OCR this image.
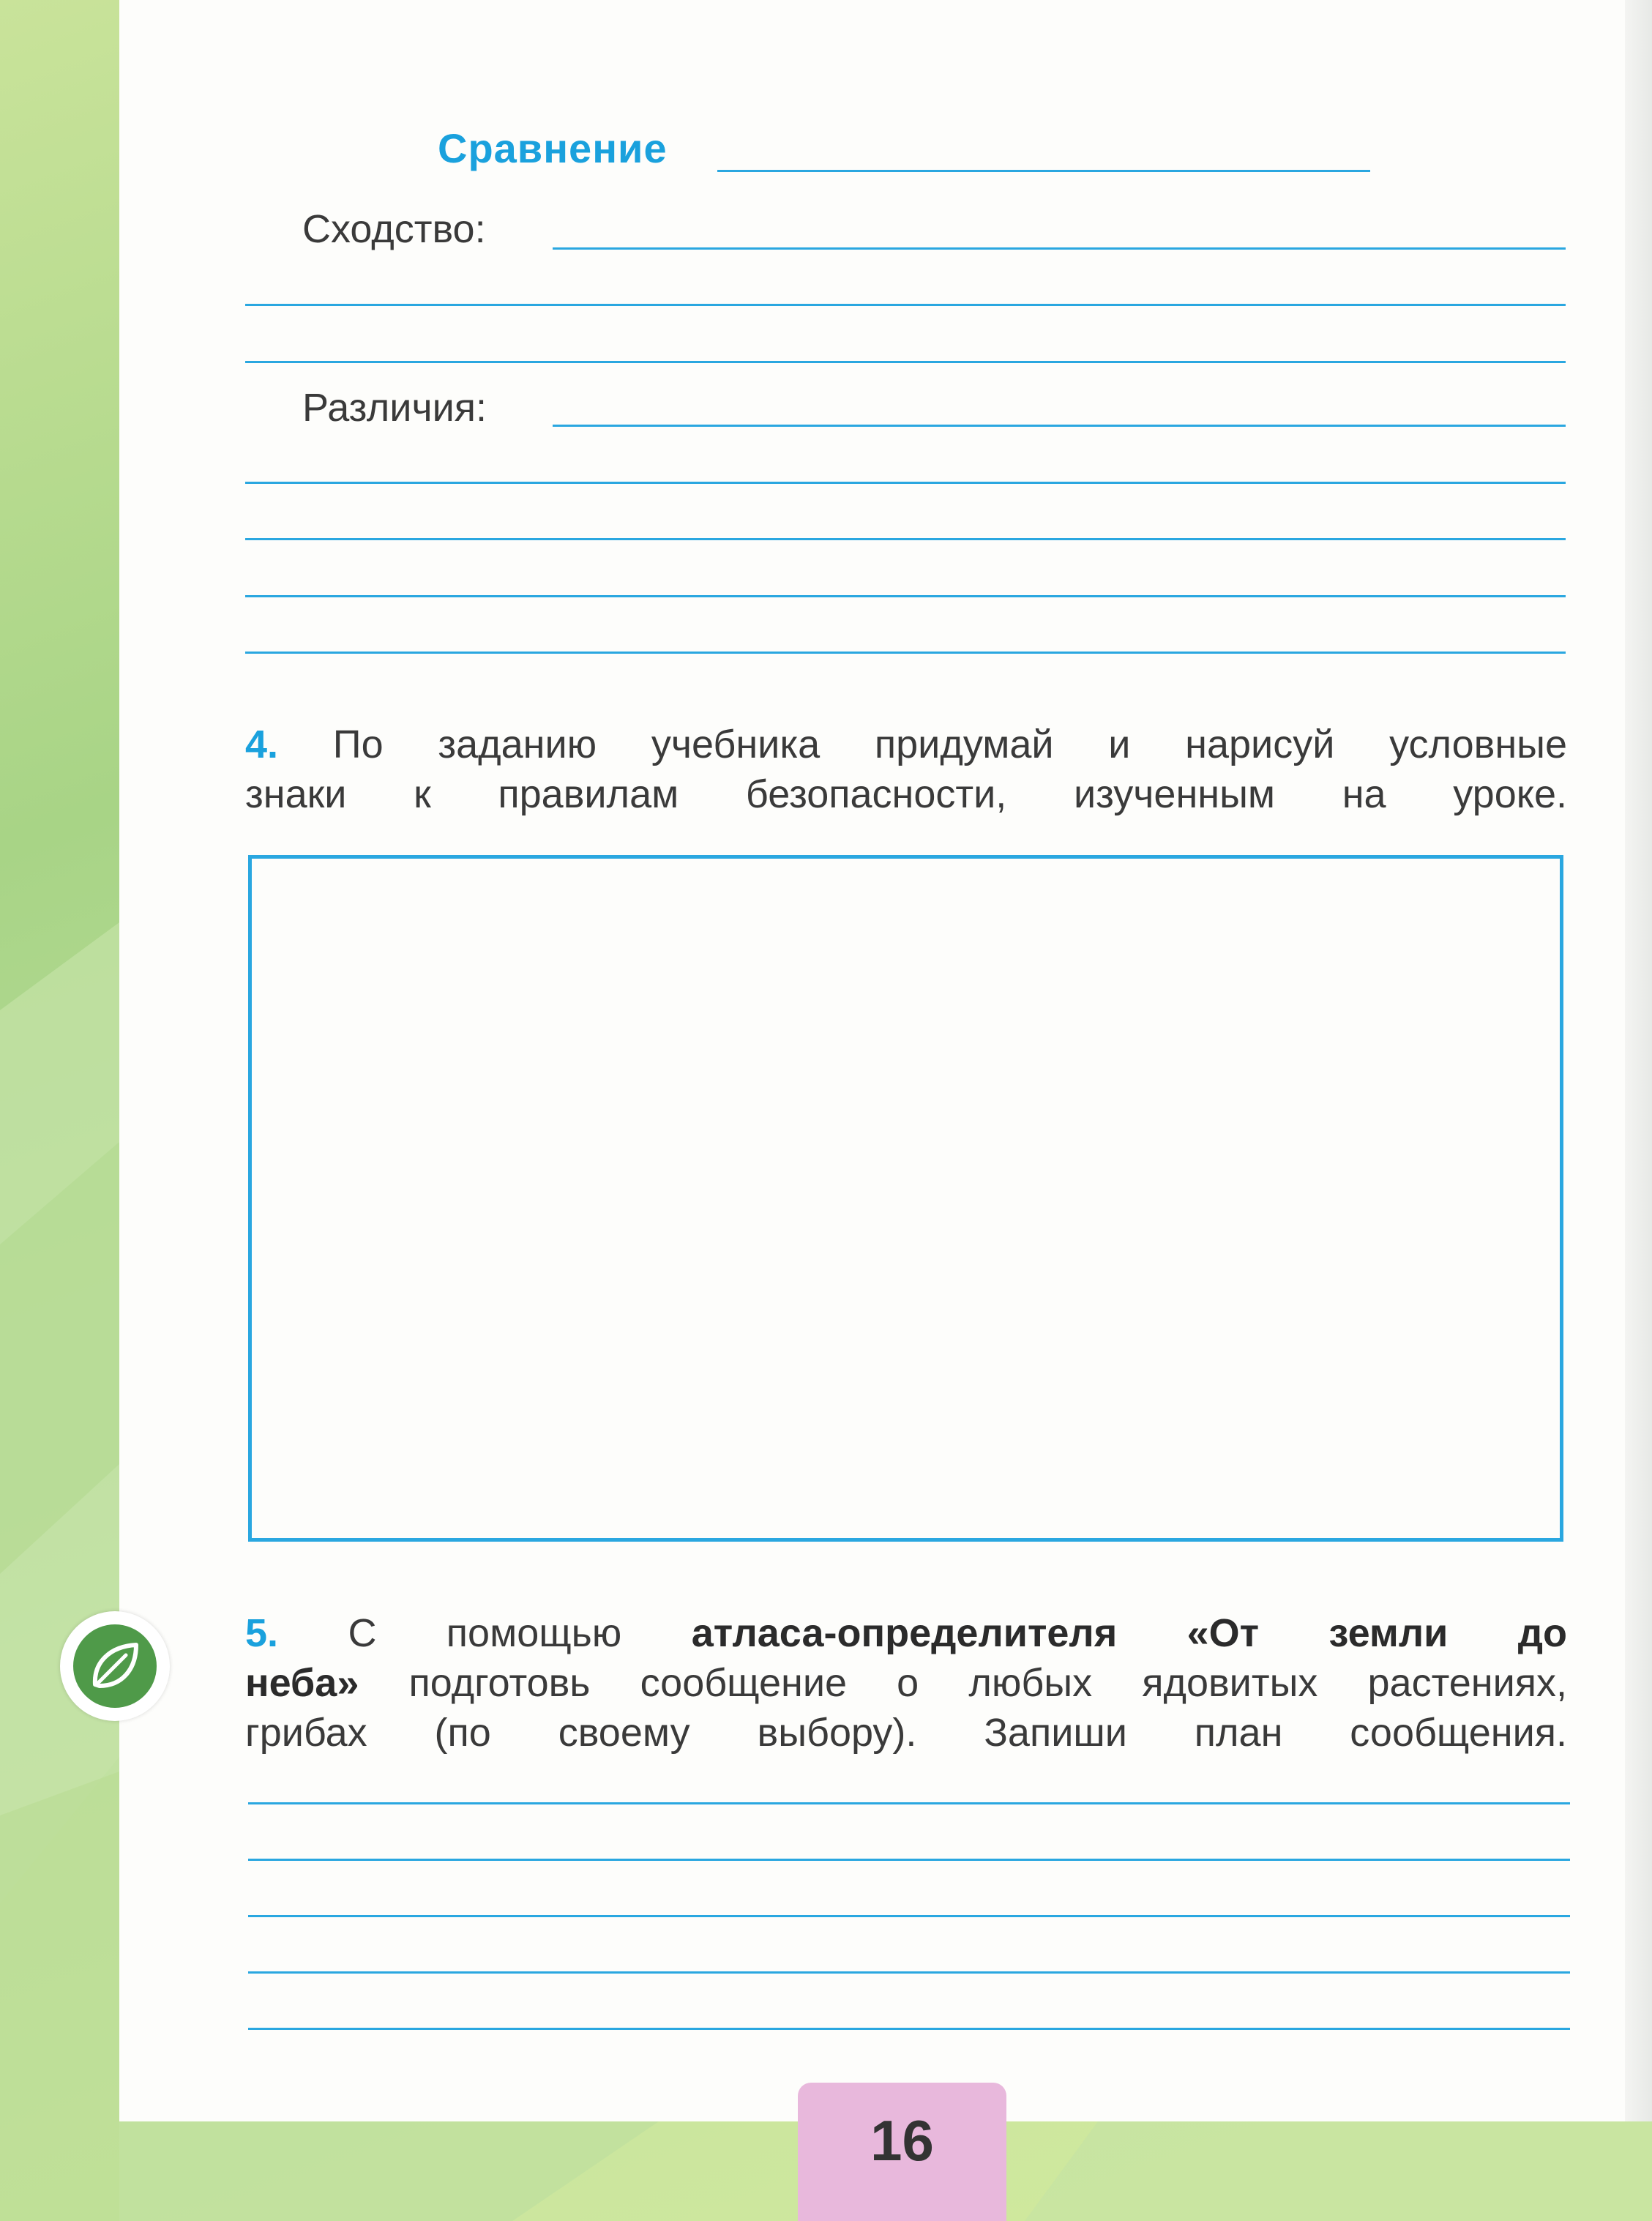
Сравнение
Сходство:
Различия:
4. По заданию учебника придумай и нарисуй условные
знаки к правилам безопасности, изученным на уроке.
5. С помощью атласа-определителя «От земли до
неба» подготовь сообщение о любых ядовитых растениях,
грибах (по своему выбору). Запиши план сообщения.
16
